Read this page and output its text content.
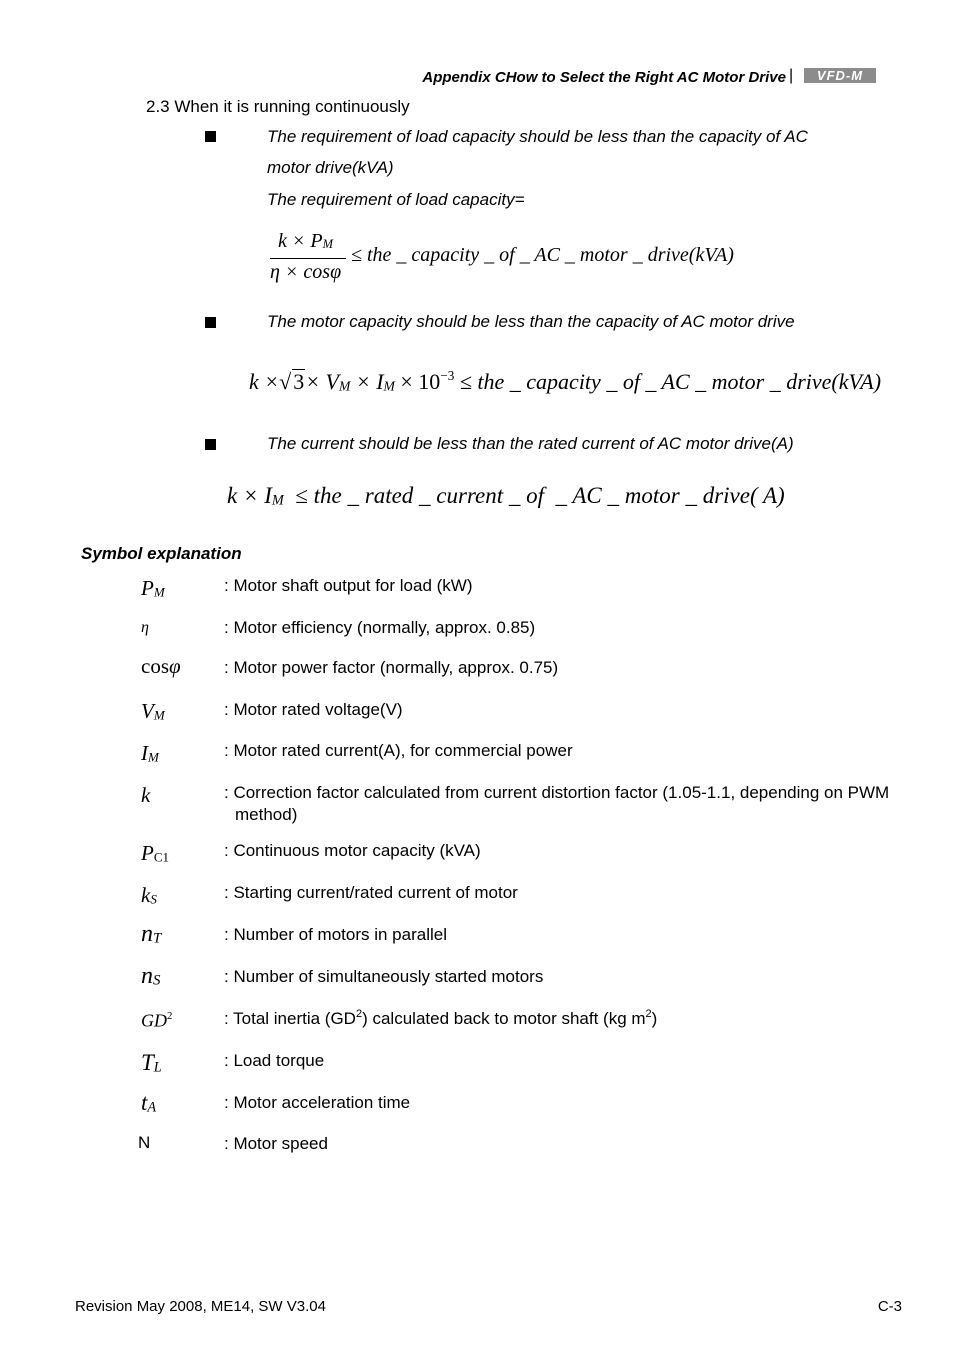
Appendix CHow to Select the Right AC Motor Drive |	VFD-M
2.3 When it is running continuously
The requirement of load capacity should be less than the capacity of AC
motor drive(kVA)
The requirement of load capacity=
k × PM
η × cosφ
≤ the _ capacity _ of _ AC _ motor _ drive(kVA)
The motor capacity should be less than the capacity of AC motor drive
k ×√3× VM × IM × $10^{-3}$ ≤ the _ capacity _ of _ AC _ motor _ drive(kVA)
The current should be less than the rated current of AC motor drive(A)
k × IM  ≤ the _ rated _ current _ of  _ AC _ motor _ drive( A)
Symbol explanation
PM	: Motor shaft output for load (kW)
η	: Motor efficiency (normally, approx. 0.85)
cosφ	: Motor power factor (normally, approx. 0.75)
VM	: Motor rated voltage(V)
IM	: Motor rated current(A), for commercial power
k	: Correction factor calculated from current distortion factor (1.05-1.1, depending on PWM method)
PC1	: Continuous motor capacity (kVA)
kS	: Starting current/rated current of motor
nT	: Number of motors in parallel
nS	: Number of simultaneously started motors
$GD^2$	: Total inertia $(GD^2)$ calculated back to motor shaft (kg $m^2$)
TL	: Load torque
tA	: Motor acceleration time
N	: Motor speed
Revision May 2008, ME14, SW V3.04	C-3
